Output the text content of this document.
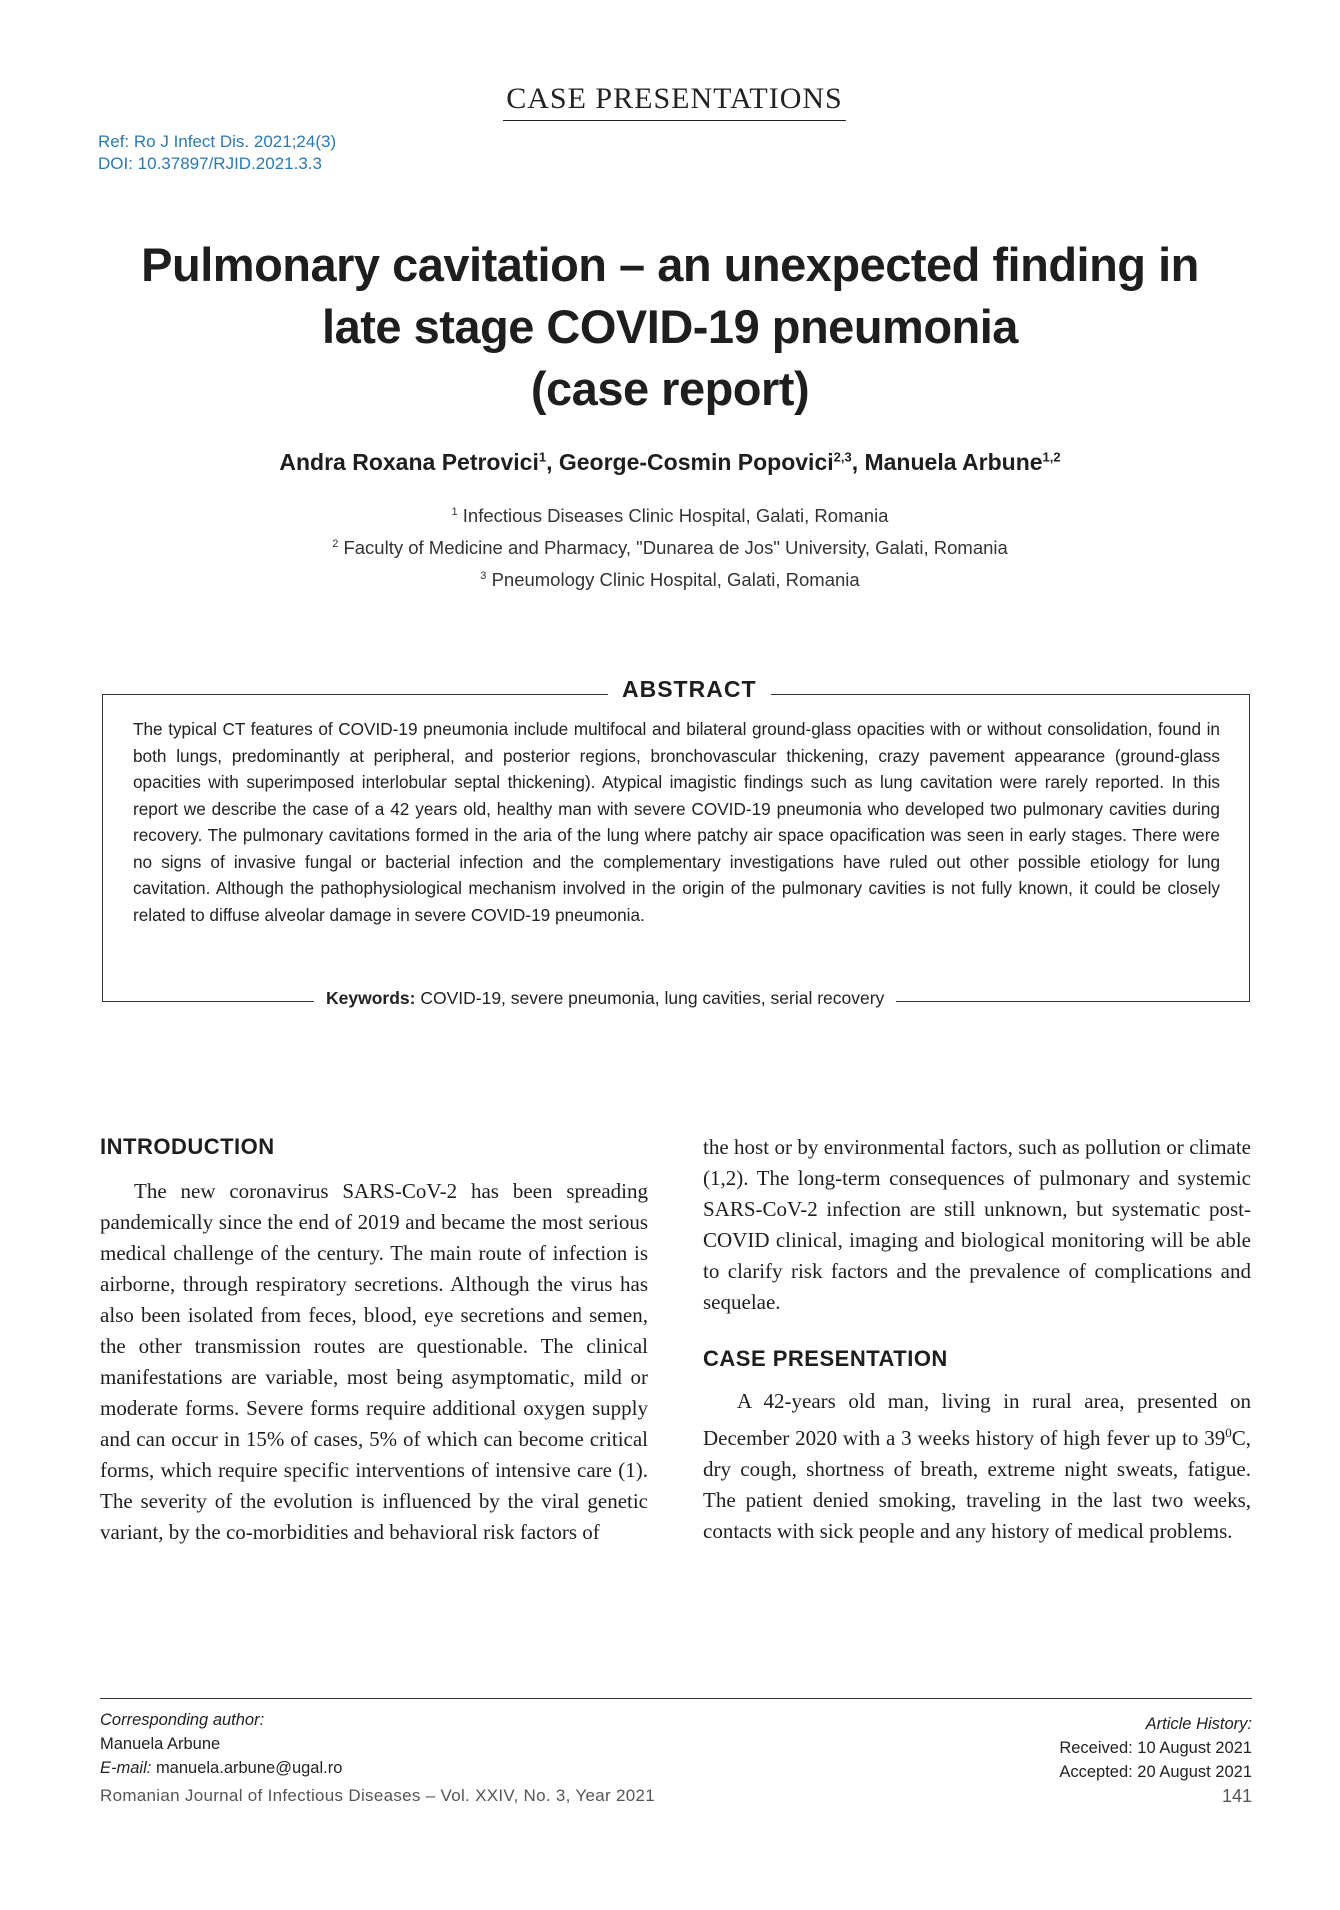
CASE PRESENTATIONS
Ref: Ro J Infect Dis. 2021;24(3)
DOI: 10.37897/RJID.2021.3.3
Pulmonary cavitation – an unexpected finding in
late stage COVID-19 pneumonia
(case report)
Andra Roxana Petrovici$^1$, George-Cosmin Popovici$^{2,3}$, Manuela Arbune$^{1,2}$
$^1$ Infectious Diseases Clinic Hospital, Galati, Romania
$^2$ Faculty of Medicine and Pharmacy, "Dunarea de Jos" University, Galati, Romania
$^3$ Pneumology Clinic Hospital, Galati, Romania
ABSTRACT
The typical CT features of COVID-19 pneumonia include multifocal and bilateral ground-glass opacities with or without consolidation, found in both lungs, predominantly at peripheral, and posterior regions, bronchovascular thickening, crazy pavement appearance (ground-glass opacities with superimposed interlobular septal thickening). Atypical imagistic findings such as lung cavitation were rarely reported. In this report we describe the case of a 42 years old, healthy man with severe COVID-19 pneumonia who developed two pulmonary cavities during recovery. The pulmonary cavitations formed in the aria of the lung where patchy air space opacification was seen in early stages. There were no signs of invasive fungal or bacterial infection and the complementary investigations have ruled out other possible etiology for lung cavitation. Although the pathophysiological mechanism involved in the origin of the pulmonary cavities is not fully known, it could be closely related to diffuse alveolar damage in severe COVID-19 pneumonia.
Keywords: COVID-19, severe pneumonia, lung cavities, serial recovery
INTRODUCTION

The new coronavirus SARS-CoV-2 has been spreading pandemically since the end of 2019 and became the most serious medical challenge of the century. The main route of infection is airborne, through respiratory secretions. Although the virus has also been isolated from feces, blood, eye secretions and semen, the other transmission routes are questionable. The clinical manifestations are variable, most being asymptomatic, mild or moderate forms. Severe forms require additional oxygen supply and can occur in 15% of cases, 5% of which can become critical forms, which require specific interventions of intensive care (1). The severity of the evolution is influenced by the viral genetic variant, by the co-morbidities and behavioral risk factors of

the host or by environmental factors, such as pollution or climate (1,2). The long-term consequences of pulmonary and systemic SARS-CoV-2 infection are still unknown, but systematic post-COVID clinical, imaging and biological monitoring will be able to clarify risk factors and the prevalence of complications and sequelae.

CASE PRESENTATION

A 42-years old man, living in rural area, presented on December 2020 with a 3 weeks history of high fever up to $39^0C$, dry cough, shortness of breath, extreme night sweats, fatigue. The patient denied smoking, traveling in the last two weeks, contacts with sick people and any history of medical problems.

Corresponding author:
Manuela Arbune
E-mail: manuela.arbune@ugal.ro
Article History:
Received: 10 August 2021
Accepted: 20 August 2021
Romanian Journal of Infectious Diseases – Vol. XXIV, No. 3, Year 2021	141
